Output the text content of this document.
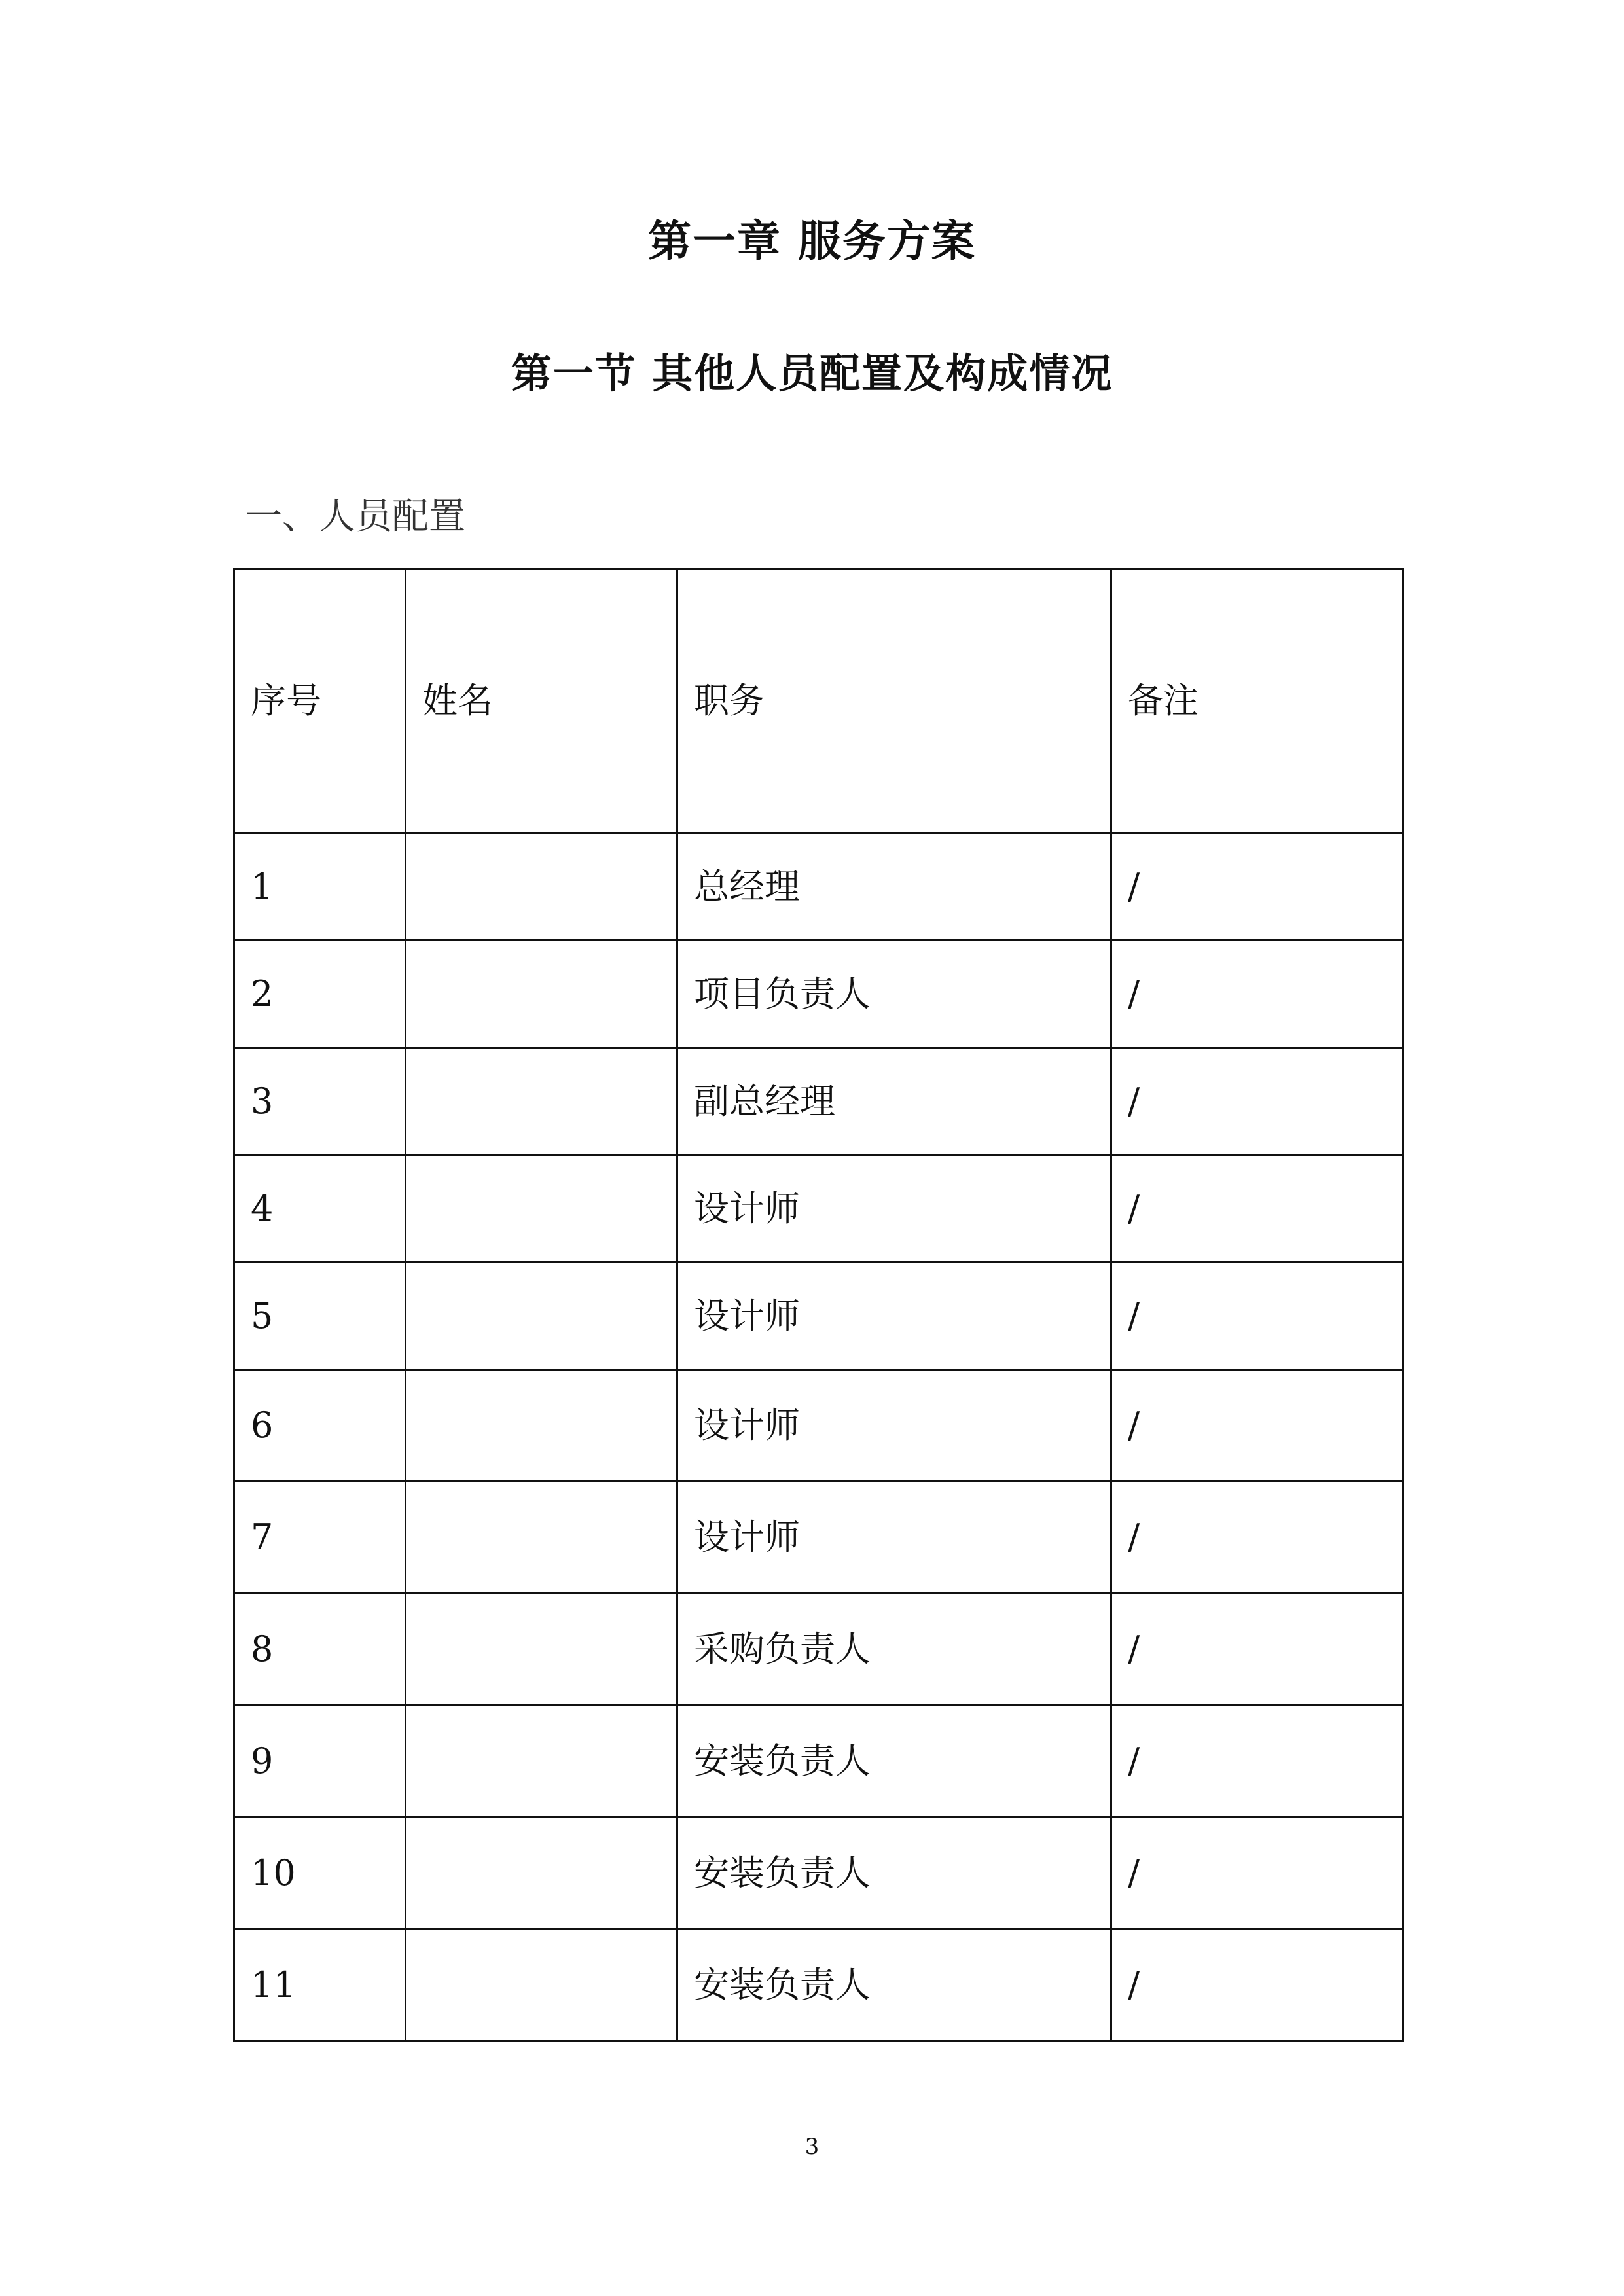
第一章 服务方案
第一节 其他人员配置及构成情况
一、人员配置
序号	姓名	职务	备注
1		总经理	/
2		项目负责人	/
3		副总经理	/
4		设计师	/
5		设计师	/
6		设计师	/
7		设计师	/
8		采购负责人	/
9		安装负责人	/
10		安装负责人	/
11		安装负责人	/
3
